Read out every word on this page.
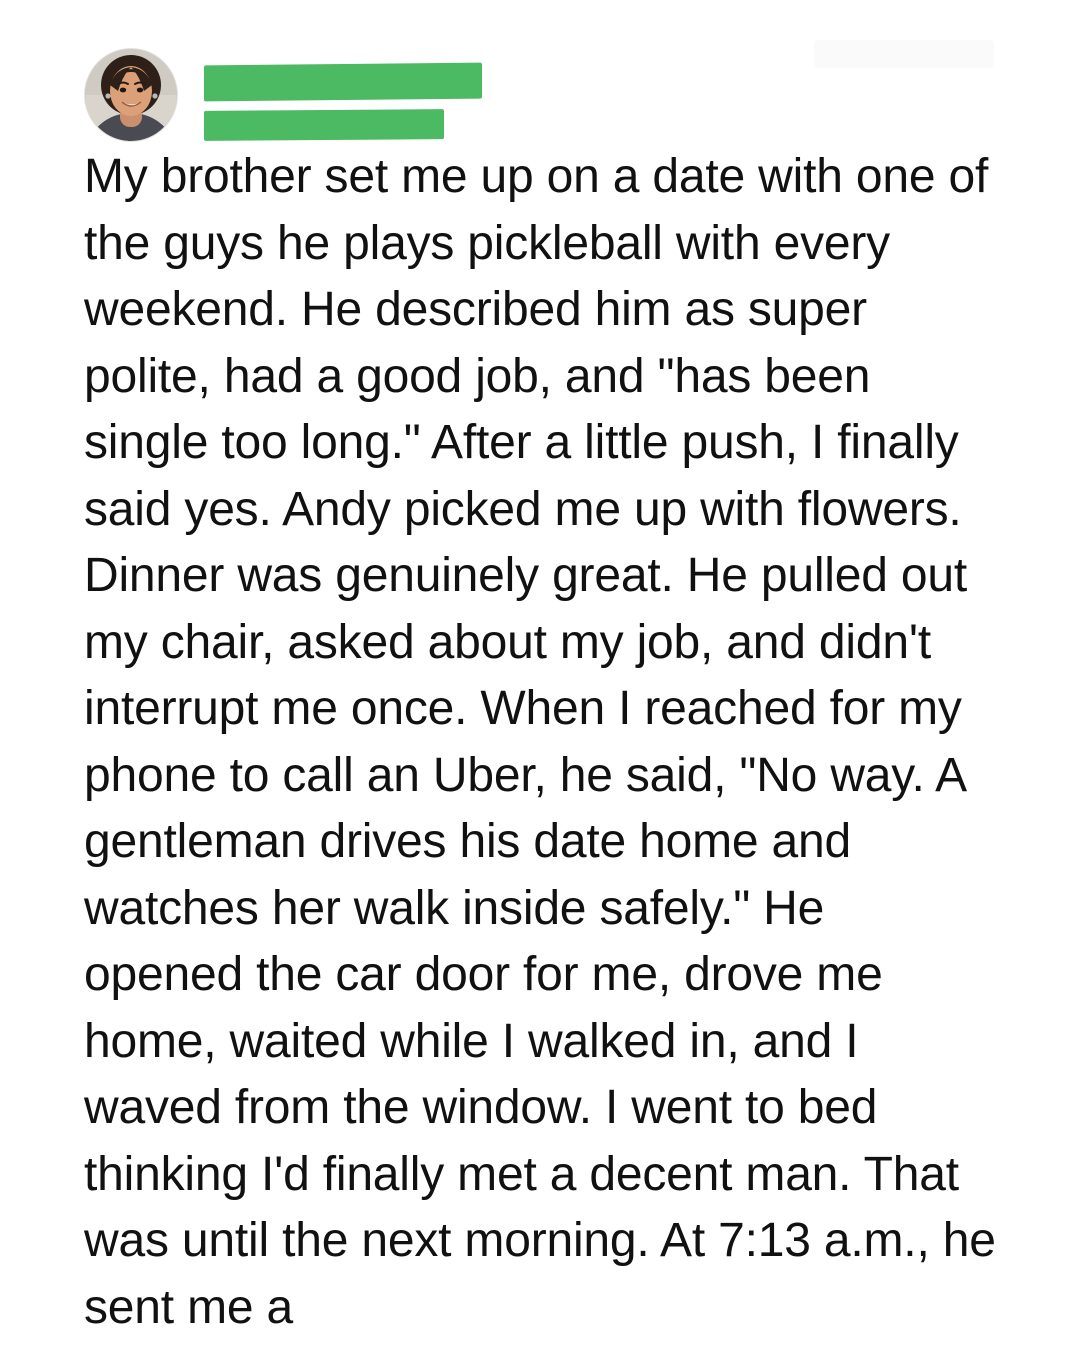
My brother set me up on a date with one of the guys he plays pickleball with every weekend. He described him as super polite, had a good job, and "has been single too long." After a little push, I finally said yes. Andy picked me up with flowers. Dinner was genuinely great. He pulled out my chair, asked about my job, and didn't interrupt me once. When I reached for my phone to call an Uber, he said, "No way. A gentleman drives his date home and watches her walk inside safely." He opened the car door for me, drove me home, waited while I walked in, and I waved from the window. I went to bed thinking I'd finally met a decent man. That was until the next morning. At 7:13 a.m., he sent me a
